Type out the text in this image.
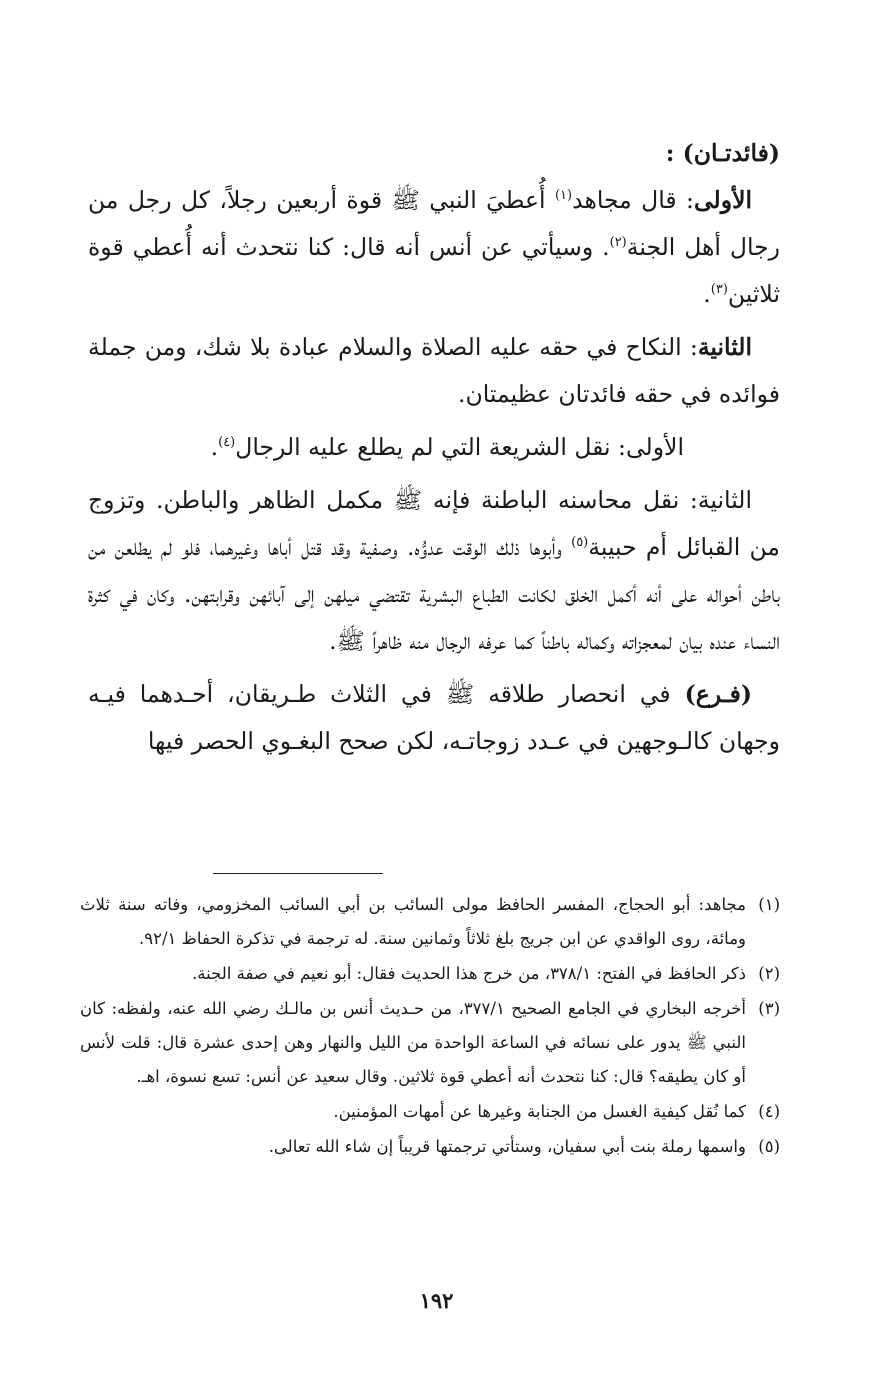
(فائدتـان) :

الأولى: قال مجاهد$^{(١)}$ أُعطيَ النبي ﷺ قوة أربعين رجلاً، كل رجل من رجال أهل الجنة$^{(٢)}$. وسيأتي عن أنس أنه قال: كنا نتحدث أنه أُعطي قوة ثلاثين$^{(٣)}$.

الثانية: النكاح في حقه عليه الصلاة والسلام عبادة بلا شك، ومن جملة فوائده في حقه فائدتان عظيمتان.

الأولى: نقل الشريعة التي لم يطلع عليه الرجال$^{(٤)}$.

الثانية: نقل محاسنه الباطنة فإنه ﷺ مكمل الظاهر والباطن. وتزوج من القبائل أم حبيبة$^{(٥)}$ وأبوها ذلك الوقت عدوُّه. وصفية وقد قتل أباها وغيرهما، فلو لم يطلعن من باطن أحواله على أنه أكمل الخلق لكانت الطباع البشرية تقتضي ميلهن إلى آبائهن وقرابتهن. وكان في كثرة النساء عنده بيان لمعجزاته وكماله باطناً كما عرفه الرجال منه ظاهراً ﷺ.

(فـرع) في انحصار طلاقه ﷺ في الثلاث طـريقان، أحـدهما فيـه وجهان كالـوجهين في عـدد زوجاتـه، لكن صحح البغـوي الحصر فيها

(١)
مجاهد: أبو الحجاج، المفسر الحافظ مولى السائب بن أبي السائب المخزومي، وفاته سنة ثلاث ومائة، روى الواقدي عن ابن جريج بلغ ثلاثاً وثمانين سنة. له ترجمة في تذكرة الحفاظ ٩٢/١.
(٢)
ذكر الحافظ في الفتح: ٣٧٨/١، من خرج هذا الحديث فقال: أبو نعيم في صفة الجنة.
(٣)
أخرجه البخاري في الجامع الصحيح ٣٧٧/١، من حـديث أنس بن مالـك رضي الله عنه، ولفظه: كان النبي ﷺ يدور على نسائه في الساعة الواحدة من الليل والنهار وهن إحدى عشرة قال: قلت لأنس أو كان يطيقه؟ قال: كنا نتحدث أنه أعطي قوة ثلاثين. وقال سعيد عن أنس: تسع نسوة، اهـ.
(٤)
كما نُقل كيفية الغسل من الجنابة وغيرها عن أمهات المؤمنين.
(٥)
واسمها رملة بنت أبي سفيان، وستأتي ترجمتها قريباً إن شاء الله تعالى.
١٩٢
